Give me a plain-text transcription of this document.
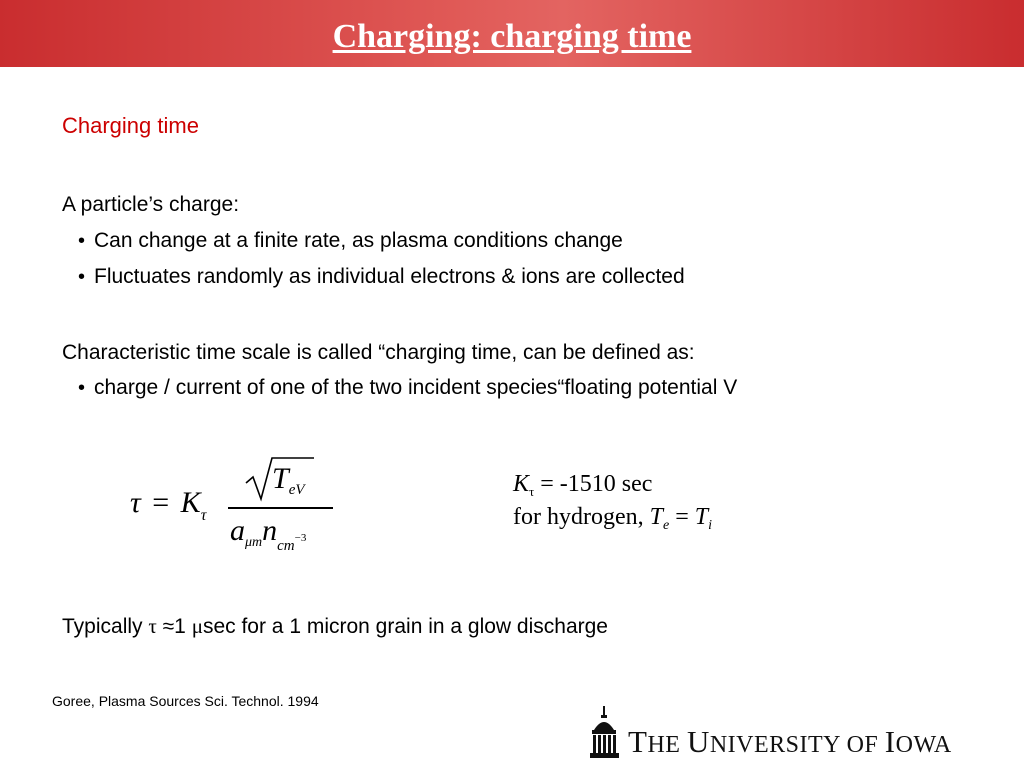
Charging: charging time
Charging time
A particle’s charge:
• Can change at a finite rate, as plasma conditions change
• Fluctuates randomly as individual electrons & ions are collected
Characteristic time scale is called “charging time, can be defined as:
• charge / current of one of the two incident species“floating potential V
$\tau = K_\tau$
$T_{eV}$
$a_{\mu m}n_{cm}-3$
$K_\tau = -1510$ sec
for hydrogen, $T_e = T_i$
Typically τ ≈1 μsec for a 1 micron grain in a glow discharge
Goree, Plasma Sources Sci. Technol. 1994
THE UNIVERSITY OF IOWA
